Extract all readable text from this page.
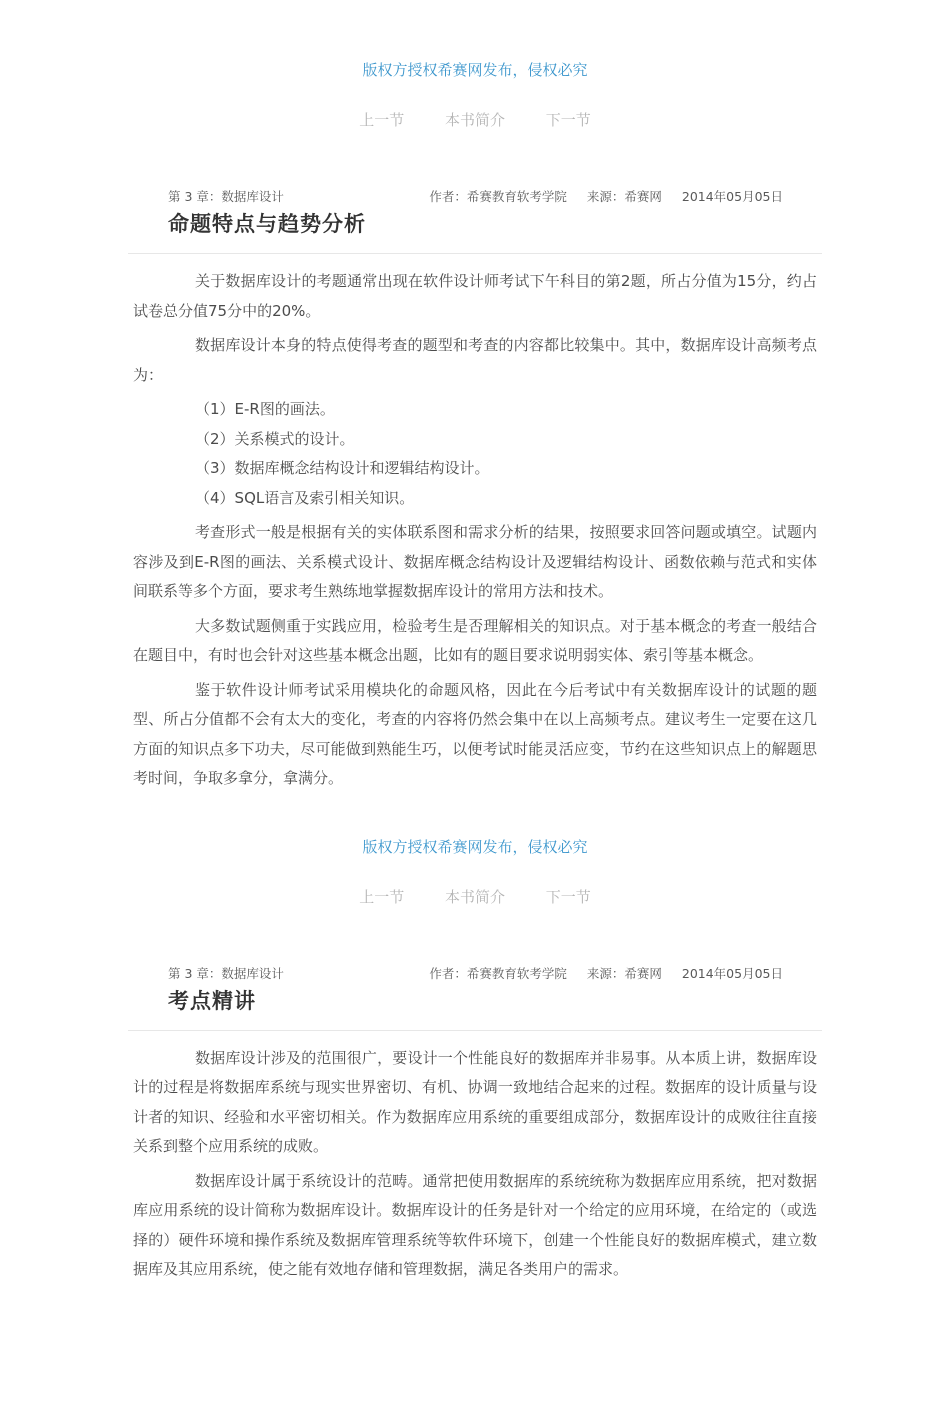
版权方授权希赛网发布，侵权必究
上一节	本书简介	下一节
第 3 章：数据库设计	作者：希赛教育软考学院 来源：希赛网 2014年05月05日
命题特点与趋势分析

关于数据库设计的考题通常出现在软件设计师考试下午科目的第2题，所占分值为15分，约占试卷总分值75分中的20%。

数据库设计本身的特点使得考查的题型和考查的内容都比较集中。其中，数据库设计高频考点为：

（1）E-R图的画法。

（2）关系模式的设计。

（3）数据库概念结构设计和逻辑结构设计。

（4）SQL语言及索引相关知识。

考查形式一般是根据有关的实体联系图和需求分析的结果，按照要求回答问题或填空。试题内容涉及到E-R图的画法、关系模式设计、数据库概念结构设计及逻辑结构设计、函数依赖与范式和实体间联系等多个方面，要求考生熟练地掌握数据库设计的常用方法和技术。

大多数试题侧重于实践应用，检验考生是否理解相关的知识点。对于基本概念的考查一般结合在题目中，有时也会针对这些基本概念出题，比如有的题目要求说明弱实体、索引等基本概念。

鉴于软件设计师考试采用模块化的命题风格，因此在今后考试中有关数据库设计的试题的题型、所占分值都不会有太大的变化，考查的内容将仍然会集中在以上高频考点。建议考生一定要在这几方面的知识点多下功夫，尽可能做到熟能生巧，以便考试时能灵活应变，节约在这些知识点上的解题思考时间，争取多拿分，拿满分。

版权方授权希赛网发布，侵权必究
上一节	本书简介	下一节
第 3 章：数据库设计	作者：希赛教育软考学院 来源：希赛网 2014年05月05日
考点精讲

数据库设计涉及的范围很广，要设计一个性能良好的数据库并非易事。从本质上讲，数据库设计的过程是将数据库系统与现实世界密切、有机、协调一致地结合起来的过程。数据库的设计质量与设计者的知识、经验和水平密切相关。作为数据库应用系统的重要组成部分，数据库设计的成败往往直接关系到整个应用系统的成败。

数据库设计属于系统设计的范畴。通常把使用数据库的系统统称为数据库应用系统，把对数据库应用系统的设计简称为数据库设计。数据库设计的任务是针对一个给定的应用环境，在给定的（或选择的）硬件环境和操作系统及数据库管理系统等软件环境下，创建一个性能良好的数据库模式，建立数据库及其应用系统，使之能有效地存储和管理数据，满足各类用户的需求。
